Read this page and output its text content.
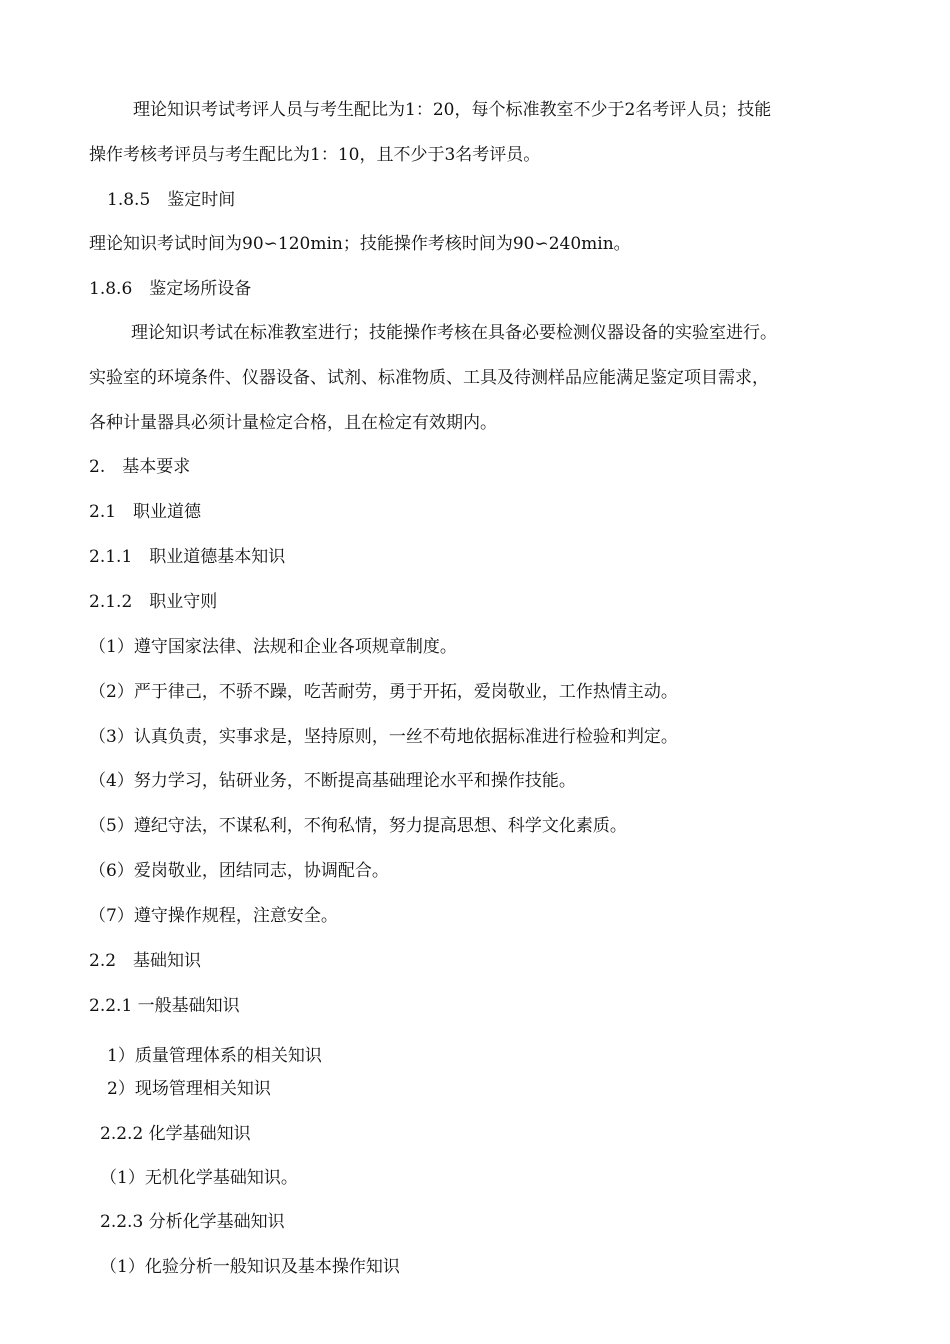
理论知识考试考评人员与考生配比为1：20，每个标准教室不少于2名考评人员；技能
操作考核考评员与考生配比为1：10，且不少于3名考评员。
1.8.5　鉴定时间
理论知识考试时间为90∽120min；技能操作考核时间为90∽240min。
1.8.6　鉴定场所设备
理论知识考试在标准教室进行；技能操作考核在具备必要检测仪器设备的实验室进行。
实验室的环境条件、仪器设备、试剂、标准物质、工具及待测样品应能满足鉴定项目需求，
各种计量器具必须计量检定合格，且在检定有效期内。
2.　基本要求
2.1　职业道德
2.1.1　职业道德基本知识
2.1.2　职业守则
（1）遵守国家法律、法规和企业各项规章制度。
（2）严于律己，不骄不躁，吃苦耐劳，勇于开拓，爱岗敬业，工作热情主动。
（3）认真负责，实事求是，坚持原则，一丝不苟地依据标准进行检验和判定。
（4）努力学习，钻研业务，不断提高基础理论水平和操作技能。
（5）遵纪守法，不谋私利，不徇私情，努力提高思想、科学文化素质。
（6）爱岗敬业，团结同志，协调配合。
（7）遵守操作规程，注意安全。
2.2　基础知识
2.2.1 一般基础知识
1）质量管理体系的相关知识
2）现场管理相关知识
2.2.2 化学基础知识
（1）无机化学基础知识。
2.2.3 分析化学基础知识
（1）化验分析一般知识及基本操作知识
